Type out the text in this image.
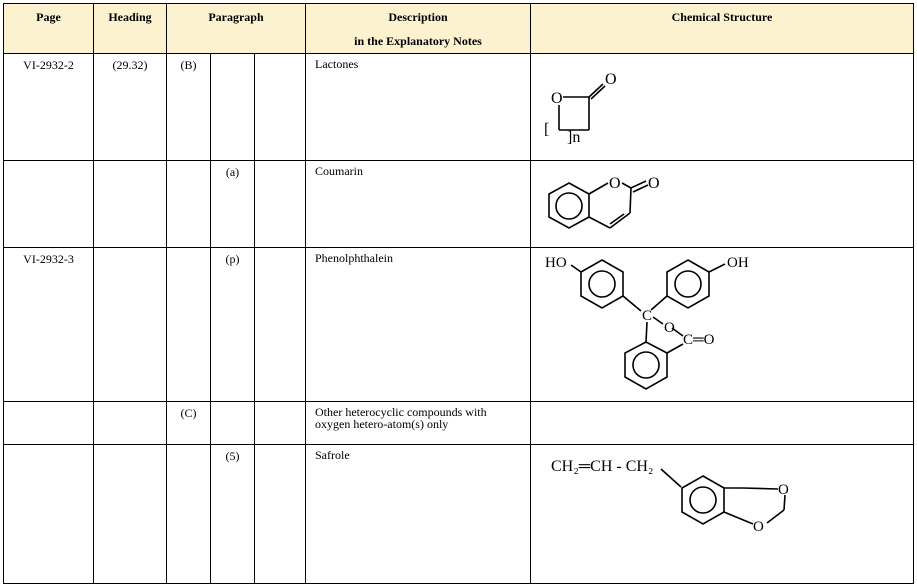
Page	Heading	Paragraph			Description
in the Explanatory Notes	Chemical Structure

VI-2932-2	(29.32)	(B)			Lactones	O
O
[ ]n

			(a)		Coumarin	O O

VI-2932-3			(p)		Phenolphthalein	HO OH
C
O
C═O

		(C)			Other heterocyclic compounds with oxygen hetero-atom(s) only	
			(5)		Safrole	CH₂═CH - CH₂
O
O
